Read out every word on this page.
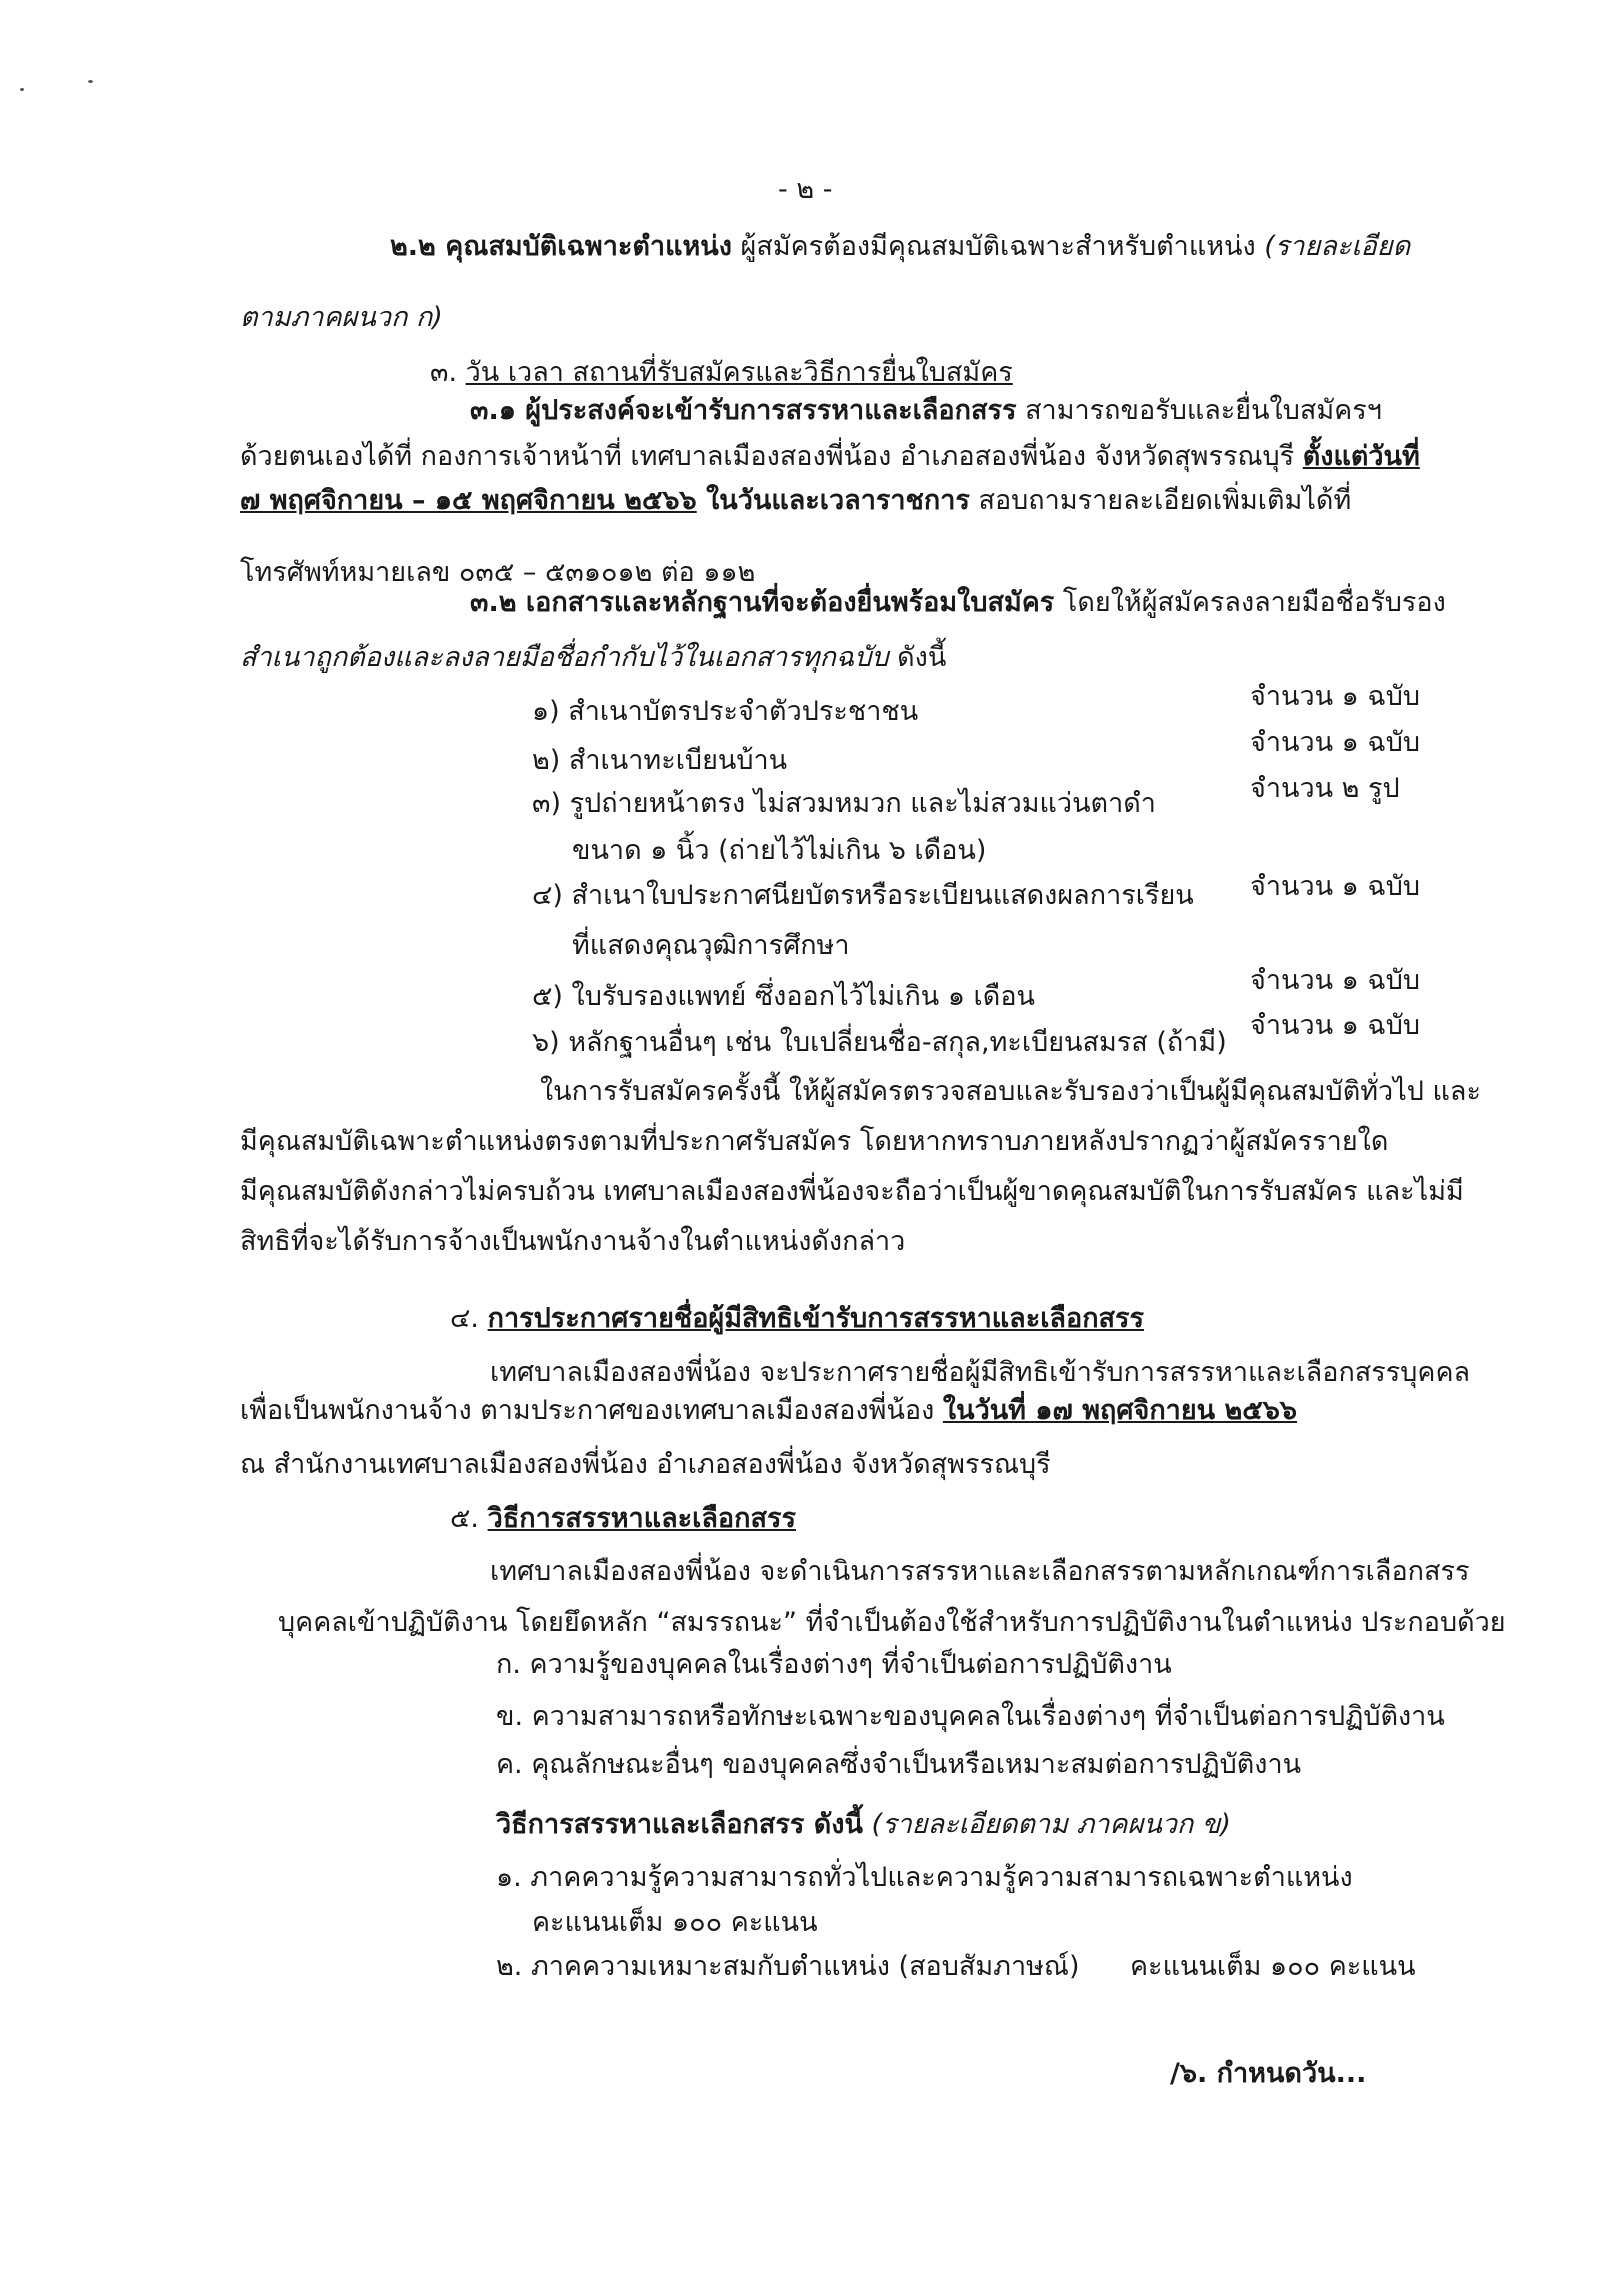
- ๒ -
๒.๒ คุณสมบัติเฉพาะตำแหน่ง ผู้สมัครต้องมีคุณสมบัติเฉพาะสำหรับตำแหน่ง (รายละเอียด
ตามภาคผนวก ก)
๓. วัน เวลา สถานที่รับสมัครและวิธีการยื่นใบสมัคร
๓.๑ ผู้ประสงค์จะเข้ารับการสรรหาและเลือกสรร สามารถขอรับและยื่นใบสมัครฯ
ด้วยตนเองได้ที่ กองการเจ้าหน้าที่ เทศบาลเมืองสองพี่น้อง อำเภอสองพี่น้อง จังหวัดสุพรรณบุรี ตั้งแต่วันที่
๗ พฤศจิกายน – ๑๕ พฤศจิกายน ๒๕๖๖ ในวันและเวลาราชการ สอบถามรายละเอียดเพิ่มเติมได้ที่
โทรศัพท์หมายเลข ๐๓๕ – ๕๓๑๐๑๒ ต่อ ๑๑๒
๓.๒ เอกสารและหลักฐานที่จะต้องยื่นพร้อมใบสมัคร โดยให้ผู้สมัครลงลายมือชื่อรับรอง
สำเนาถูกต้องและลงลายมือชื่อกำกับไว้ในเอกสารทุกฉบับ ดังนี้
๑) สำเนาบัตรประจำตัวประชาชน	จำนวน ๑ ฉบับ
๒) สำเนาทะเบียนบ้าน
จำนวน ๑ ฉบับ
๓) รูปถ่ายหน้าตรง ไม่สวมหมวก และไม่สวมแว่นตาดำ	จำนวน ๒ รูป
ขนาด ๑ นิ้ว (ถ่ายไว้ไม่เกิน ๖ เดือน)
๔) สำเนาใบประกาศนียบัตรหรือระเบียนแสดงผลการเรียน จำนวน ๑ ฉบับ
ที่แสดงคุณวุฒิการศึกษา
๕) ใบรับรองแพทย์ ซึ่งออกไว้ไม่เกิน ๑ เดือน
จำนวน ๑ ฉบับ
๖) หลักฐานอื่นๆ เช่น ใบเปลี่ยนชื่อ-สกุล,ทะเบียนสมรส (ถ้ามี)
จำนวน ๑ ฉบับ
ในการรับสมัครครั้งนี้ ให้ผู้สมัครตรวจสอบและรับรองว่าเป็นผู้มีคุณสมบัติทั่วไป และ
มีคุณสมบัติเฉพาะตำแหน่งตรงตามที่ประกาศรับสมัคร โดยหากทราบภายหลังปรากฏว่าผู้สมัครรายใด
มีคุณสมบัติดังกล่าวไม่ครบถ้วน เทศบาลเมืองสองพี่น้องจะถือว่าเป็นผู้ขาดคุณสมบัติในการรับสมัคร และไม่มี
สิทธิที่จะได้รับการจ้างเป็นพนักงานจ้างในตำแหน่งดังกล่าว
๔. การประกาศรายชื่อผู้มีสิทธิเข้ารับการสรรหาและเลือกสรร
เทศบาลเมืองสองพี่น้อง จะประกาศรายชื่อผู้มีสิทธิเข้ารับการสรรหาและเลือกสรรบุคคล
เพื่อเป็นพนักงานจ้าง ตามประกาศของเทศบาลเมืองสองพี่น้อง ในวันที่ ๑๗ พฤศจิกายน ๒๕๖๖
ณ สำนักงานเทศบาลเมืองสองพี่น้อง อำเภอสองพี่น้อง จังหวัดสุพรรณบุรี
๕. วิธีการสรรหาและเลือกสรร
เทศบาลเมืองสองพี่น้อง จะดำเนินการสรรหาและเลือกสรรตามหลักเกณฑ์การเลือกสรร
บุคคลเข้าปฏิบัติงาน โดยยึดหลัก “สมรรถนะ” ที่จำเป็นต้องใช้สำหรับการปฏิบัติงานในตำแหน่ง ประกอบด้วย
ก. ความรู้ของบุคคลในเรื่องต่างๆ ที่จำเป็นต่อการปฏิบัติงาน
ข. ความสามารถหรือทักษะเฉพาะของบุคคลในเรื่องต่างๆ ที่จำเป็นต่อการปฏิบัติงาน
ค. คุณลักษณะอื่นๆ ของบุคคลซึ่งจำเป็นหรือเหมาะสมต่อการปฏิบัติงาน
วิธีการสรรหาและเลือกสรร ดังนี้ (รายละเอียดตาม ภาคผนวก ข)
๑. ภาคความรู้ความสามารถทั่วไปและความรู้ความสามารถเฉพาะตำแหน่ง
คะแนนเต็ม ๑๐๐ คะแนน
๒. ภาคความเหมาะสมกับตำแหน่ง (สอบสัมภาษณ์) คะแนนเต็ม ๑๐๐ คะแนน
/๖. กำหนดวัน...
